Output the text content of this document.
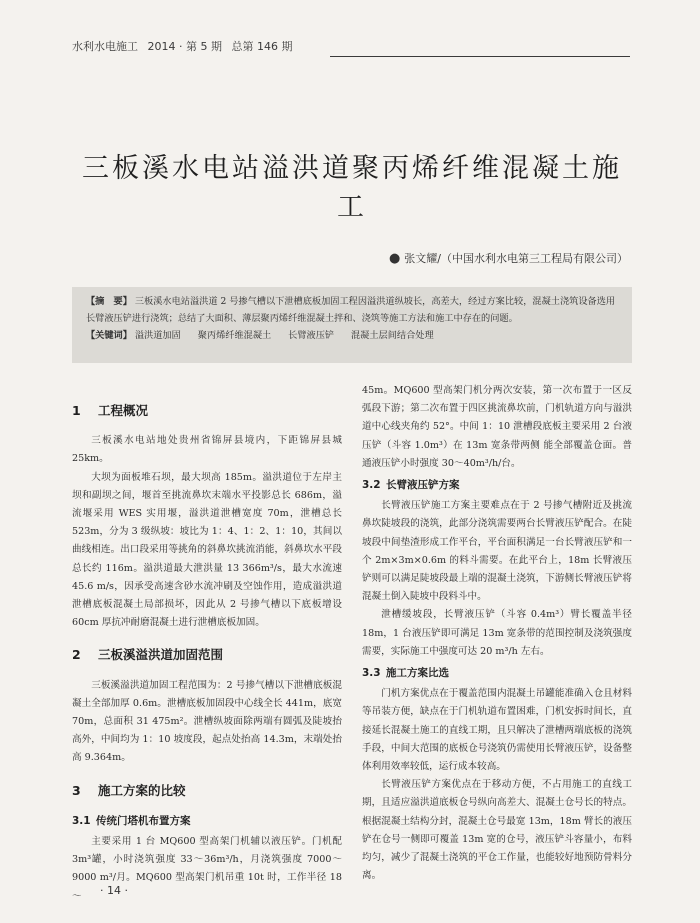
水利水电施工 2014 · 第 5 期 总第 146 期
三板溪水电站溢洪道聚丙烯纤维混凝土施工
● 张文耀/（中国水利水电第三工程局有限公司）
【摘　要】 三板溪水电站溢洪道 2 号掺气槽以下泄槽底板加固工程因溢洪道纵坡长，高差大，经过方案比较，混凝土浇筑设备选用长臂液压铲进行浇筑；总结了大面积、薄层聚丙烯纤维混凝土拌和、浇筑等施工方法和施工中存在的问题。
【关键词】 溢洪道加固 聚丙烯纤维混凝土 长臂液压铲 混凝土层间结合处理
1 工程概况

三板溪水电站地处贵州省锦屏县境内，下距锦屏县城 25km。

大坝为面板堆石坝，最大坝高 185m。溢洪道位于左岸主坝和副坝之间，堰首至挑流鼻坎末端水平投影总长 686m，溢流堰采用 WES 实用堰，溢洪道泄槽宽度 70m，泄槽总长 523m，分为 3 级纵坡：坡比为 1：4、1：2、1：10，其间以曲线相连。出口段采用等挑角的斜鼻坎挑流消能，斜鼻坎水平段总长约 116m。溢洪道最大泄洪量 13 366m³/s，最大水流速 45.6 m/s，因承受高速含砂水流冲刷及空蚀作用，造成溢洪道泄槽底板混凝土局部损坏，因此从 2 号掺气槽以下底板增设 60cm 厚抗冲耐磨混凝土进行泄槽底板加固。

2 三板溪溢洪道加固范围

三板溪溢洪道加固工程范围为：2 号掺气槽以下泄槽底板混凝土全部加厚 0.6m。泄槽底板加固段中心线全长 441m，底宽 70m，总面积 31 475m²。泄槽纵坡面除两端有圆弧及陡坡抬高外，中间均为 1：10 坡度段，起点处抬高 14.3m，末端处抬高 9.364m。

3 施工方案的比较
3.1 传统门塔机布置方案

主要采用 1 台 MQ600 型高架门机辅以液压铲。门机配 3m³罐，小时浇筑强度 33～36m³/h，月浇筑强度 7000～9000 m³/月。MQ600 型高架门机吊重 10t 时，工作半径 18～

45m。MQ600 型高架门机分两次安装，第一次布置于一区反弧段下游；第二次布置于四区挑流鼻坎前，门机轨道方向与溢洪道中心线夹角约 52°。中间 1：10 泄槽段底板主要采用 2 台液压铲（斗容 1.0m³）在 13m 宽条带两侧 能全部覆盖仓面。普通液压铲小时强度 30～40m³/h/台。

3.2 长臂液压铲方案

长臂液压铲施工方案主要难点在于 2 号掺气槽附近及挑流鼻坎陡坡段的浇筑，此部分浇筑需要两台长臂液压铲配合。在陡坡段中间垫渣形成工作平台，平台面积满足一台长臂液压铲和一个 2m×3m×0.6m 的料斗需要。在此平台上，18m 长臂液压铲则可以满足陡坡段最上端的混凝土浇筑，下游侧长臂液压铲将混凝土倒入陡坡中段料斗中。

泄槽缓坡段，长臂液压铲（斗容 0.4m³）臂长覆盖半径 18m，1 台液压铲即可满足 13m 宽条带的范围控制及浇筑强度需要，实际施工中强度可达 20 m³/h 左右。

3.3 施工方案比选

门机方案优点在于覆盖范围内混凝土吊罐能准确入仓且材料等吊装方便，缺点在于门机轨道布置困难，门机安拆时间长，直接延长混凝土施工的直线工期，且只解决了泄槽两端底板的浇筑手段，中间大范围的底板仓号浇筑仍需使用长臂液压铲，设备整体利用效率较低，运行成本较高。

长臂液压铲方案优点在于移动方便，不占用施工的直线工期，且适应溢洪道底板仓号纵向高差大、混凝土仓号长的特点。根据混凝土结构分封，混凝土仓号最宽 13m，18m 臂长的液压铲在仓号一侧即可覆盖 13m 宽的仓号，液压铲斗容量小，布料均匀，减少了混凝土浇筑的平仓工作量，也能较好地预防骨料分离。

· 14 ·
